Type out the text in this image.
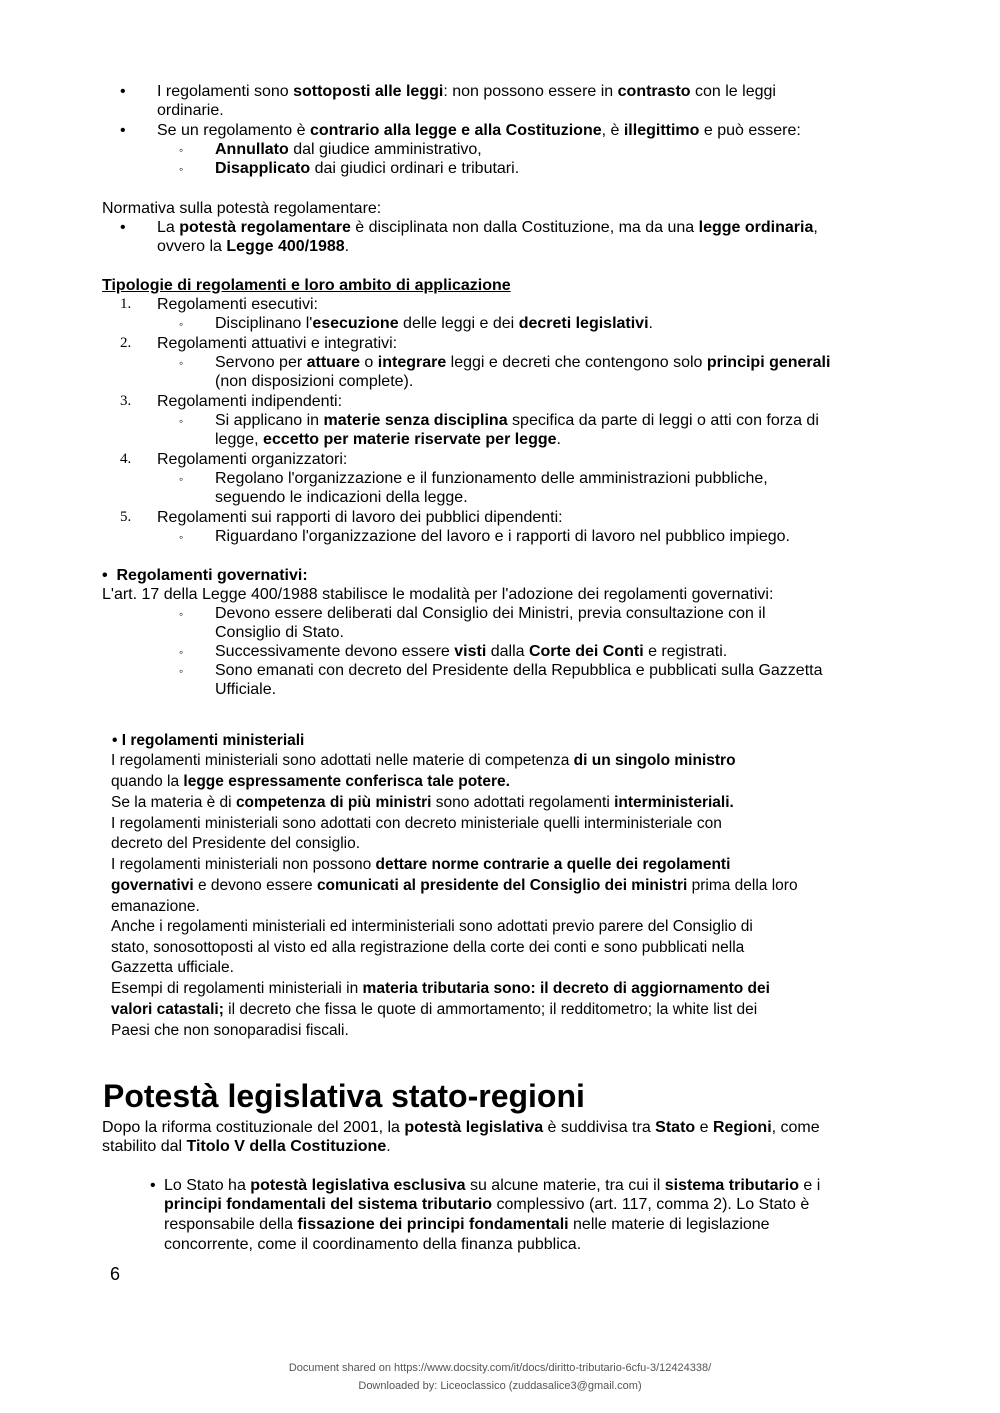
• I regolamenti sono sottoposti alle leggi: non possono essere in contrasto con le leggi
ordinarie.
• Se un regolamento è contrario alla legge e alla Costituzione, è illegittimo e può essere:
◦ Annullato dal giudice amministrativo,
◦ Disapplicato dai giudici ordinari e tributari.
Normativa sulla potestà regolamentare:
• La potestà regolamentare è disciplinata non dalla Costituzione, ma da una legge ordinaria,
ovvero la Legge 400/1988.
Tipologie di regolamenti e loro ambito di applicazione
1. Regolamenti esecutivi:
◦ Disciplinano l'esecuzione delle leggi e dei decreti legislativi.
2. Regolamenti attuativi e integrativi:
◦ Servono per attuare o integrare leggi e decreti che contengono solo principi generali
(non disposizioni complete).
3. Regolamenti indipendenti:
◦ Si applicano in materie senza disciplina specifica da parte di leggi o atti con forza di
legge, eccetto per materie riservate per legge.
4. Regolamenti organizzatori:
◦ Regolano l'organizzazione e il funzionamento delle amministrazioni pubbliche,
seguendo le indicazioni della legge.
5. Regolamenti sui rapporti di lavoro dei pubblici dipendenti:
◦ Riguardano l'organizzazione del lavoro e i rapporti di lavoro nel pubblico impiego.
• Regolamenti governativi:
L'art. 17 della Legge 400/1988 stabilisce le modalità per l'adozione dei regolamenti governativi:
◦ Devono essere deliberati dal Consiglio dei Ministri, previa consultazione con il
Consiglio di Stato.
◦ Successivamente devono essere visti dalla Corte dei Conti e registrati.
◦ Sono emanati con decreto del Presidente della Repubblica e pubblicati sulla Gazzetta
Ufficiale.
• I regolamenti ministeriali
I regolamenti ministeriali sono adottati nelle materie di competenza di un singolo ministro
quando la legge espressamente conferisca tale potere.
Se la materia è di competenza di più ministri sono adottati regolamenti interministeriali.
I regolamenti ministeriali sono adottati con decreto ministeriale quelli interministeriale con
decreto del Presidente del consiglio.
I regolamenti ministeriali non possono dettare norme contrarie a quelle dei regolamenti
governativi e devono essere comunicati al presidente del Consiglio dei ministri prima della loro
emanazione.
Anche i regolamenti ministeriali ed interministeriali sono adottati previo parere del Consiglio di
stato, sonosottoposti al visto ed alla registrazione della corte dei conti e sono pubblicati nella
Gazzetta ufficiale.
Esempi di regolamenti ministeriali in materia tributaria sono: il decreto di aggiornamento dei
valori catastali; il decreto che fissa le quote di ammortamento; il redditometro; la white list dei
Paesi che non sonoparadisi fiscali.
Potestà legislativa stato-regioni
Dopo la riforma costituzionale del 2001, la potestà legislativa è suddivisa tra Stato e Regioni, come
stabilito dal Titolo V della Costituzione.
• Lo Stato ha potestà legislativa esclusiva su alcune materie, tra cui il sistema tributario e i
principi fondamentali del sistema tributario complessivo (art. 117, comma 2). Lo Stato è
responsabile della fissazione dei principi fondamentali nelle materie di legislazione
concorrente, come il coordinamento della finanza pubblica.
6
Document shared on https://www.docsity.com/it/docs/diritto-tributario-6cfu-3/12424338/
Downloaded by: Liceoclassico (zuddasalice3@gmail.com)
